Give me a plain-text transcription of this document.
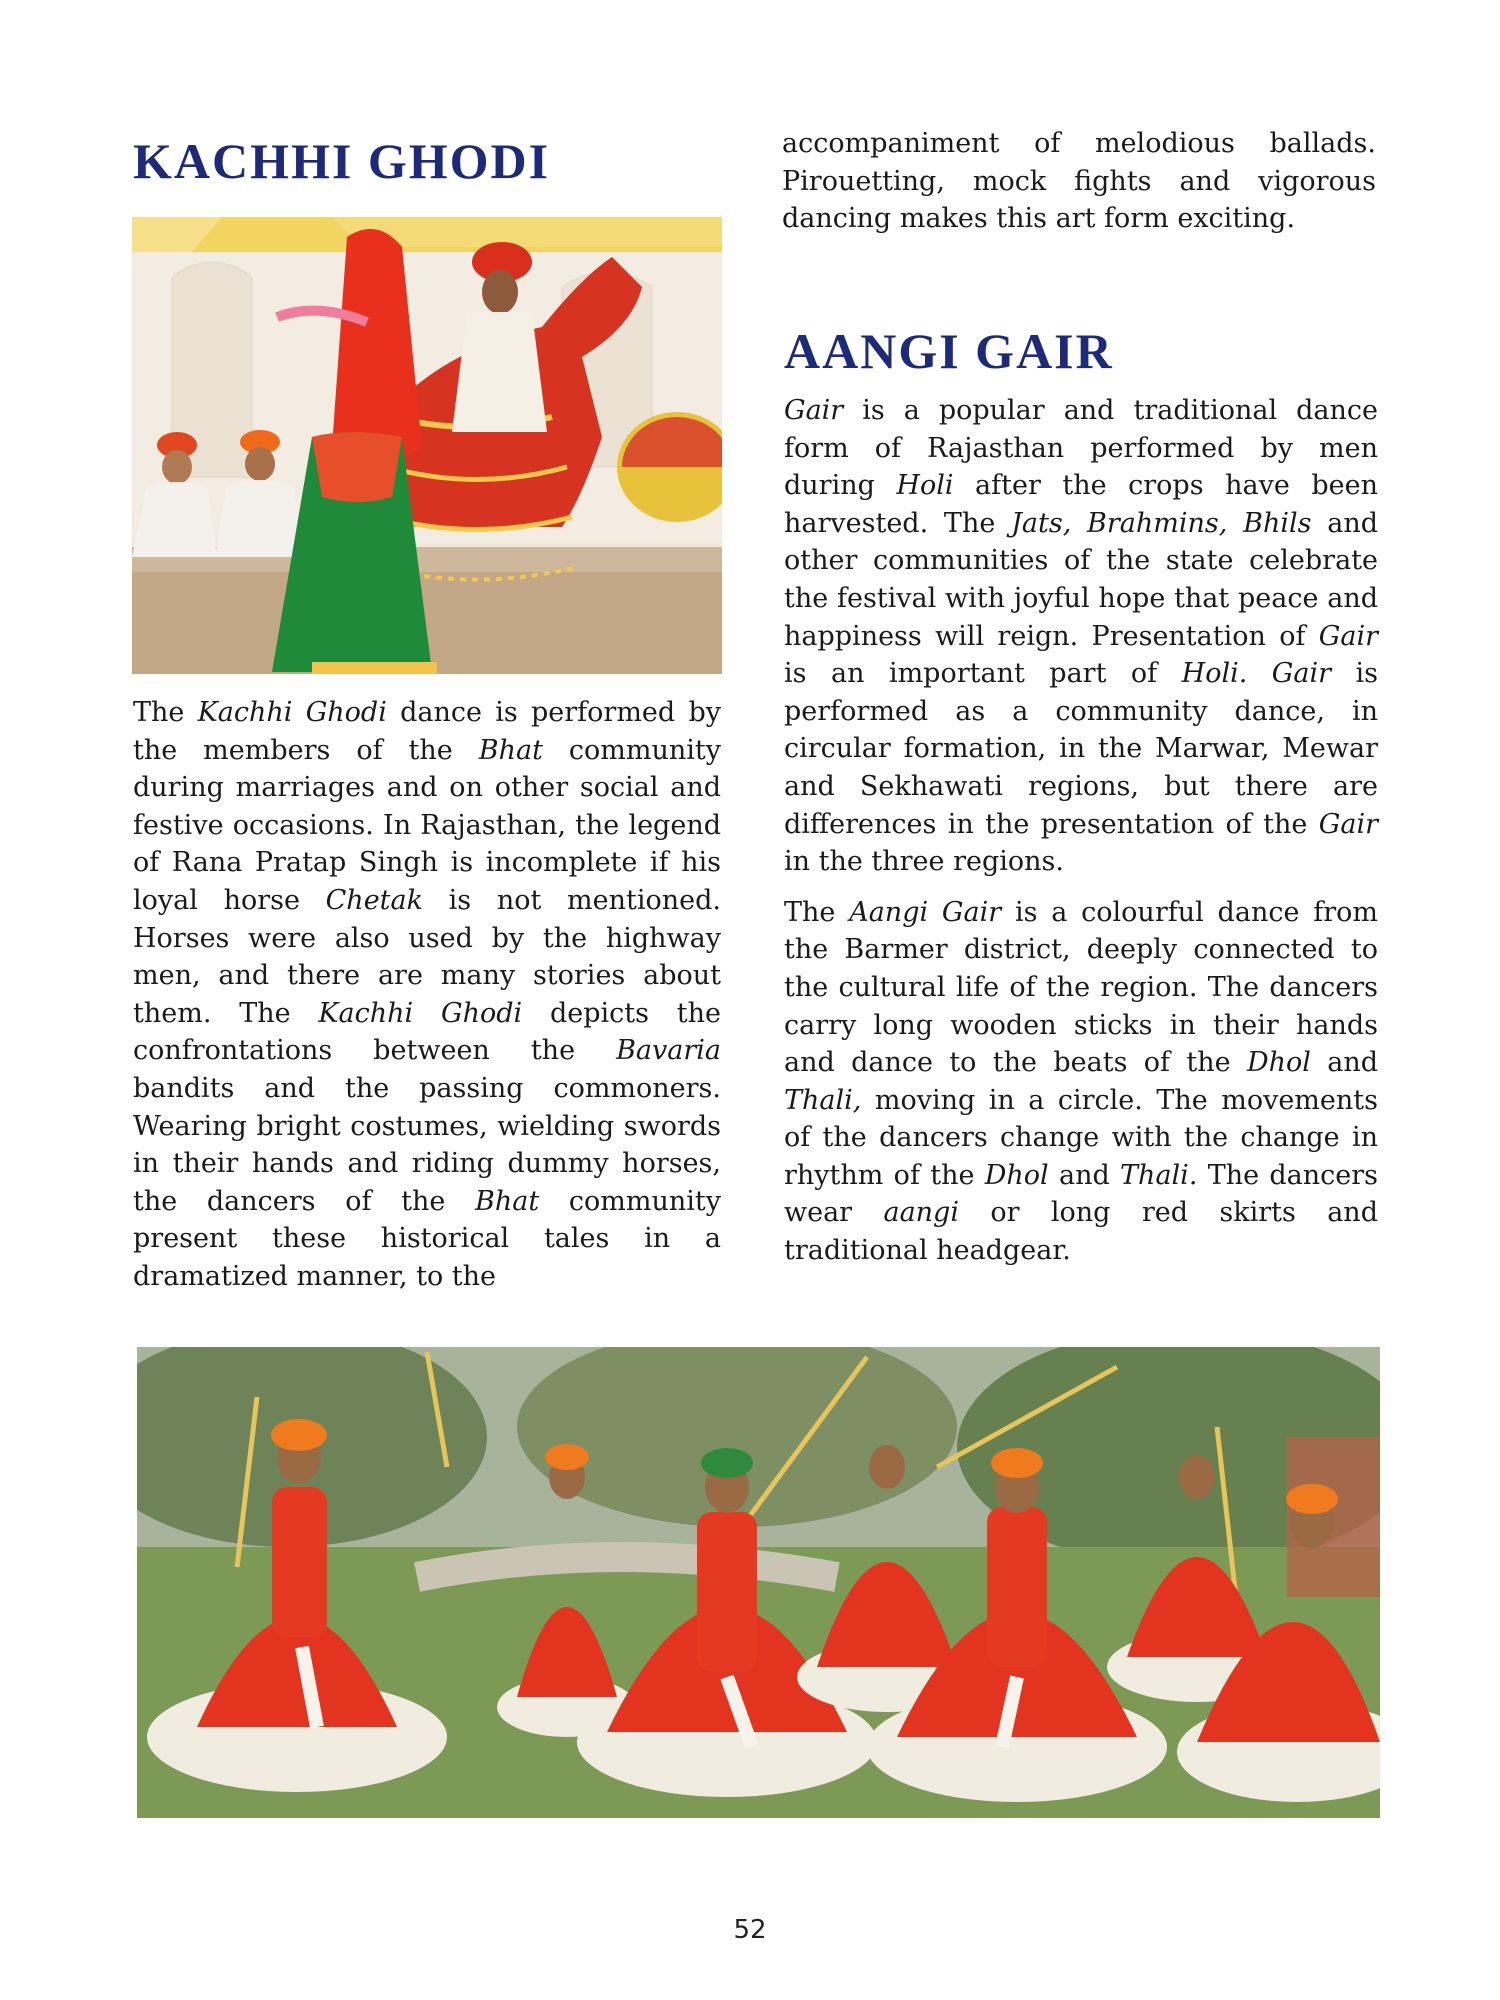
KACHHI GHODI

The Kachhi Ghodi dance is performed by the members of the Bhat community during marriages and on other social and festive occasions. In Rajasthan, the legend of Rana Pratap Singh is incomplete if his loyal horse Chetak is not mentioned. Horses were also used by the highway men, and there are many stories about them. The Kachhi Ghodi depicts the confrontations between the Bavaria bandits and the passing commoners. Wearing bright costumes, wielding swords in their hands and riding dummy horses, the dancers of the Bhat community present these historical tales in a dramatized manner, to the

accompaniment of melodious ballads. Pirouetting, mock fights and vigorous dancing makes this art form exciting.

AANGI GAIR

Gair is a popular and traditional dance form of Rajasthan performed by men during Holi after the crops have been harvested. The Jats, Brahmins, Bhils and other communities of the state celebrate the festival with joyful hope that peace and happiness will reign. Presentation of Gair is an important part of Holi. Gair is performed as a community dance, in circular formation, in the Marwar, Mewar and Sekhawati regions, but there are differences in the presentation of the Gair in the three regions.

The Aangi Gair is a colourful dance from the Barmer district, deeply connected to the cultural life of the region. The dancers carry long wooden sticks in their hands and dance to the beats of the Dhol and Thali, moving in a circle. The movements of the dancers change with the change in rhythm of the Dhol and Thali. The dancers wear aangi or long red skirts and traditional headgear.

52
